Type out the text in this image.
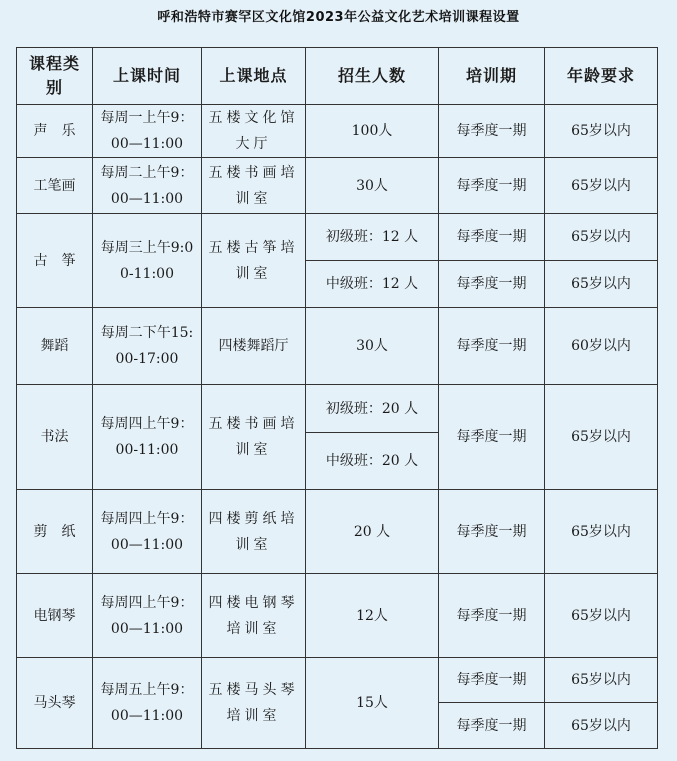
呼和浩特市赛罕区文化馆2023年公益文化艺术培训课程设置
课程类别	上课时间	上课地点	招生人数	培训期	年龄要求
声　乐	每周一上午9：00—11:00	五楼文化馆大厅	100人	每季度一期	65岁以内
工笔画	每周二上午9：00—11:00	五楼书画培训室	30人	每季度一期	65岁以内
古　筝	每周三上午9:00-11:00	五楼古筝培训室	初级班：12 人	每季度一期	65岁以内
			中级班：12 人	每季度一期	65岁以内
舞蹈	每周二下午15:00-17:00	四楼舞蹈厅	30人	每季度一期	60岁以内
书法	每周四上午9：00-11:00	五楼书画培训室	初级班：20 人	每季度一期	65岁以内
			中级班：20 人		
剪　纸	每周四上午9：00—11:00	四楼剪纸培训室	20 人	每季度一期	65岁以内
电钢琴	每周四上午9：00—11:00	四楼电钢琴培训室	12人	每季度一期	65岁以内
马头琴	每周五上午9：00—11:00	五楼马头琴培训室	15人	每季度一期	65岁以内
				每季度一期	65岁以内
